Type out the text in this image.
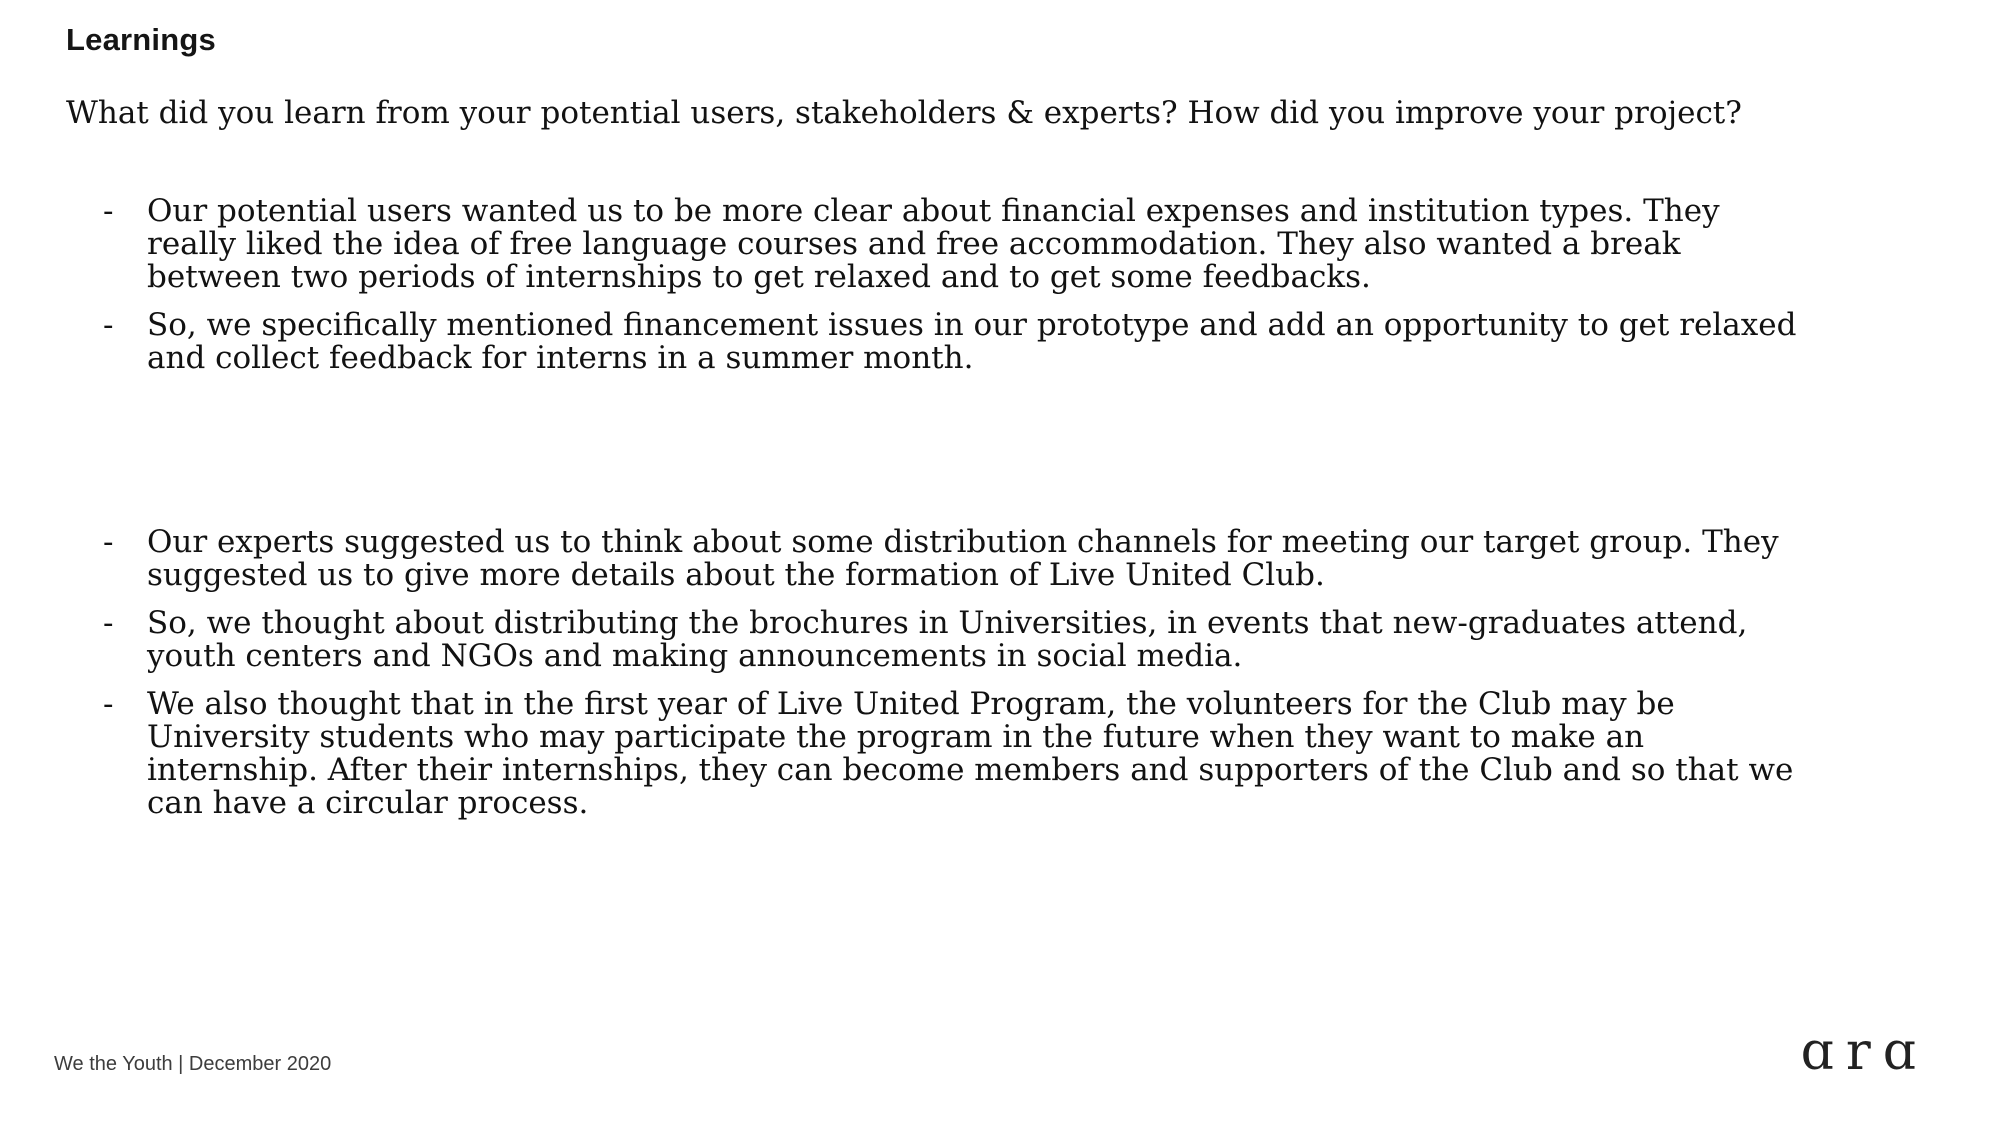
Learnings

What did you learn from your potential users, stakeholders & experts? How did you improve your project?

- Our potential users wanted us to be more clear about financial expenses and institution types. They really liked the idea of free language courses and free accommodation. They also wanted a break between two periods of internships to get relaxed and to get some feedbacks.
- So, we specifically mentioned financement issues in our prototype and add an opportunity to get relaxed and collect feedback for interns in a summer month.
- Our experts suggested us to think about some distribution channels for meeting our target group. They suggested us to give more details about the formation of Live United Club.
- So, we thought about distributing the brochures in Universities, in events that new-graduates attend, youth centers and NGOs and making announcements in social media.
- We also thought that in the first year of Live United Program, the volunteers for the Club may be University students who may participate the program in the future when they want to make an internship. After their internships, they can become members and supporters of the Club and so that we can have a circular process.
We the Youth | December 2020	ɑrɑ
